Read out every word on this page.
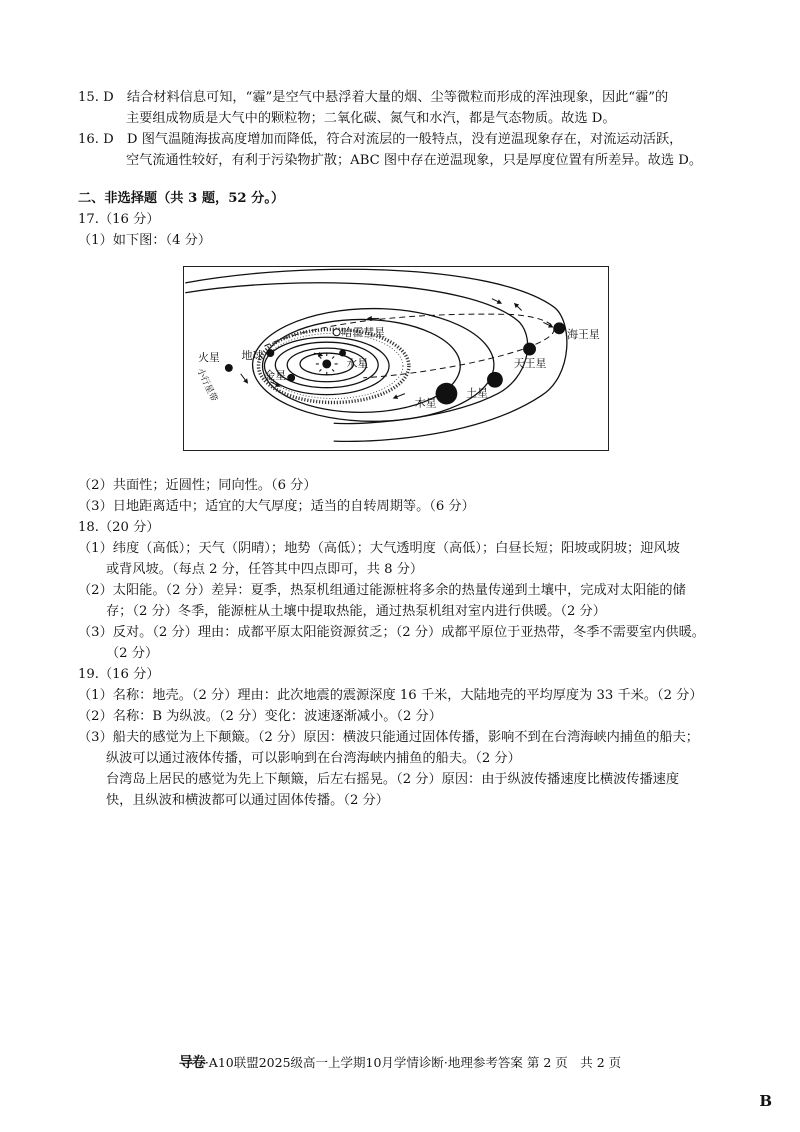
15. D　结合材料信息可知，“霾”是空气中悬浮着大量的烟、尘等微粒而形成的浑浊现象，因此“霾”的
主要组成物质是大气中的颗粒物；二氧化碳、氮气和水汽，都是气态物质。故选 D。
16. D　D 图气温随海拔高度增加而降低，符合对流层的一般特点，没有逆温现象存在，对流运动活跃，
空气流通性较好，有利于污染物扩散；ABC 图中存在逆温现象，只是厚度位置有所差异。故选 D。
二、非选择题（共 3 题，52 分。）
17.（16 分）
（1）如下图：（4 分）
哈雷彗星
火星 地球
金星
水星
木星
土星
天王星
海王星
小行星带
（2）共面性；近圆性；同向性。（6 分）
（3）日地距离适中；适宜的大气厚度；适当的自转周期等。（6 分）
18.（20 分）
（1）纬度（高低）；天气（阴晴）；地势（高低）；大气透明度（高低）；白昼长短；阳坡或阴坡；迎风坡
或背风坡。（每点 2 分，任答其中四点即可，共 8 分）
（2）太阳能。（2 分）差异：夏季，热泵机组通过能源桩将多余的热量传递到土壤中，完成对太阳能的储
存；（2 分）冬季，能源桩从土壤中提取热能，通过热泵机组对室内进行供暖。（2 分）
（3）反对。（2 分）理由：成都平原太阳能资源贫乏；（2 分）成都平原位于亚热带，冬季不需要室内供暖。
（2 分）
19.（16 分）
（1）名称：地壳。（2 分）理由：此次地震的震源深度 16 千米，大陆地壳的平均厚度为 33 千米。（2 分）
（2）名称：B 为纵波。（2 分）变化：波速逐渐减小。（2 分）
（3）船夫的感觉为上下颠簸。（2 分）原因：横波只能通过固体传播，影响不到在台湾海峡内捕鱼的船夫；
纵波可以通过液体传播，可以影响到在台湾海峡内捕鱼的船夫。（2 分）
台湾岛上居民的感觉为先上下颠簸，后左右摇晃。（2 分）原因：由于纵波传播速度比横波传播速度
快，且纵波和横波都可以通过固体传播。（2 分）
导卷·A10联盟2025级高一上学期10月学情诊断·地理参考答案 第 2 页　共 2 页
B
